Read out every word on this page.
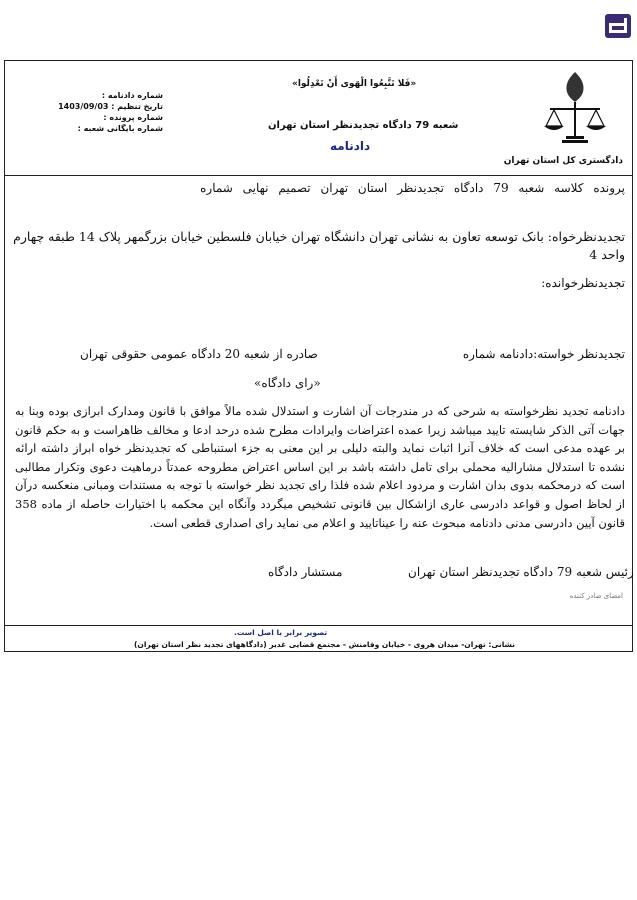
دادگستری کل استان تهران
«فَلا تَتَّبِعُوا الْهَوى أَنْ تَعْدِلُوا»
شعبه 79 دادگاه تجدیدنظر استان تهران
دادنامه
شماره دادنامه :
تاریخ تنظیم : 1403/09/03
شماره پرونده :
شماره بایگانی شعبه :
پرونده کلاسه شعبه 79 دادگاه تجدیدنظر استان تهران تصمیم نهایی شماره
تجدیدنظرخواه: بانک توسعه تعاون به نشانی تهران دانشگاه تهران خیابان فلسطین خیابان بزرگمهر پلاک 14 طبقه چهارم واحد 4
تجدیدنظرخوانده:
تجدیدنظر خواسته:دادنامه شماره
صادره از شعبه 20 دادگاه عمومی حقوقی تهران
«رای دادگاه»
دادنامه تجدید نظرخواسته به شرحی که در مندرجات آن اشارت و استدلال شده مالاً موافق با قانون ومدارک ابرازی بوده وبنا به جهات آتی الذکر شایسته تایید میباشد زیرا عمده اعتراضات وایرادات مطرح شده درحد ادعا و مخالف ظاهراست و به حکم قانون بر عهده مدعی است که خلاف آنرا اثبات نماید والبته دلیلی بر این معنی به جزء استنباطی که تجدیدنظر خواه ابراز داشته ارائه نشده تا استدلال مشارالیه محملی برای تامل داشته باشد بر این اساس اعتراض مطروحه عمدتاً درماهیت دعوی وتکرار مطالبی است که درمحکمه بدوی بدان اشارت و مردود اعلام شده فلذا رای تجدید نظر خواسته با توجه به مستندات ومبانی منعکسه درآن از لحاظ اصول و قواعد دادرسی عاری ازاشکال بین قانونی تشخیص میگردد وآنگاه این محکمه با اختیارات حاصله از ماده 358 قانون آیین دادرسی مدنی دادنامه مبحوث عنه را عیناتایید و اعلام می نماید رای اصداری قطعی است.
رئیس شعبه 79 دادگاه تجدیدنظر استان تهران
مستشار دادگاه
امضای صادر کننده
تصویر برابر با اصل است.
نشانی: تهران- میدان هروی - خیابان وفامنش - مجتمع قضایی غدیر (دادگاههای تجدید نظر استان تهران)
